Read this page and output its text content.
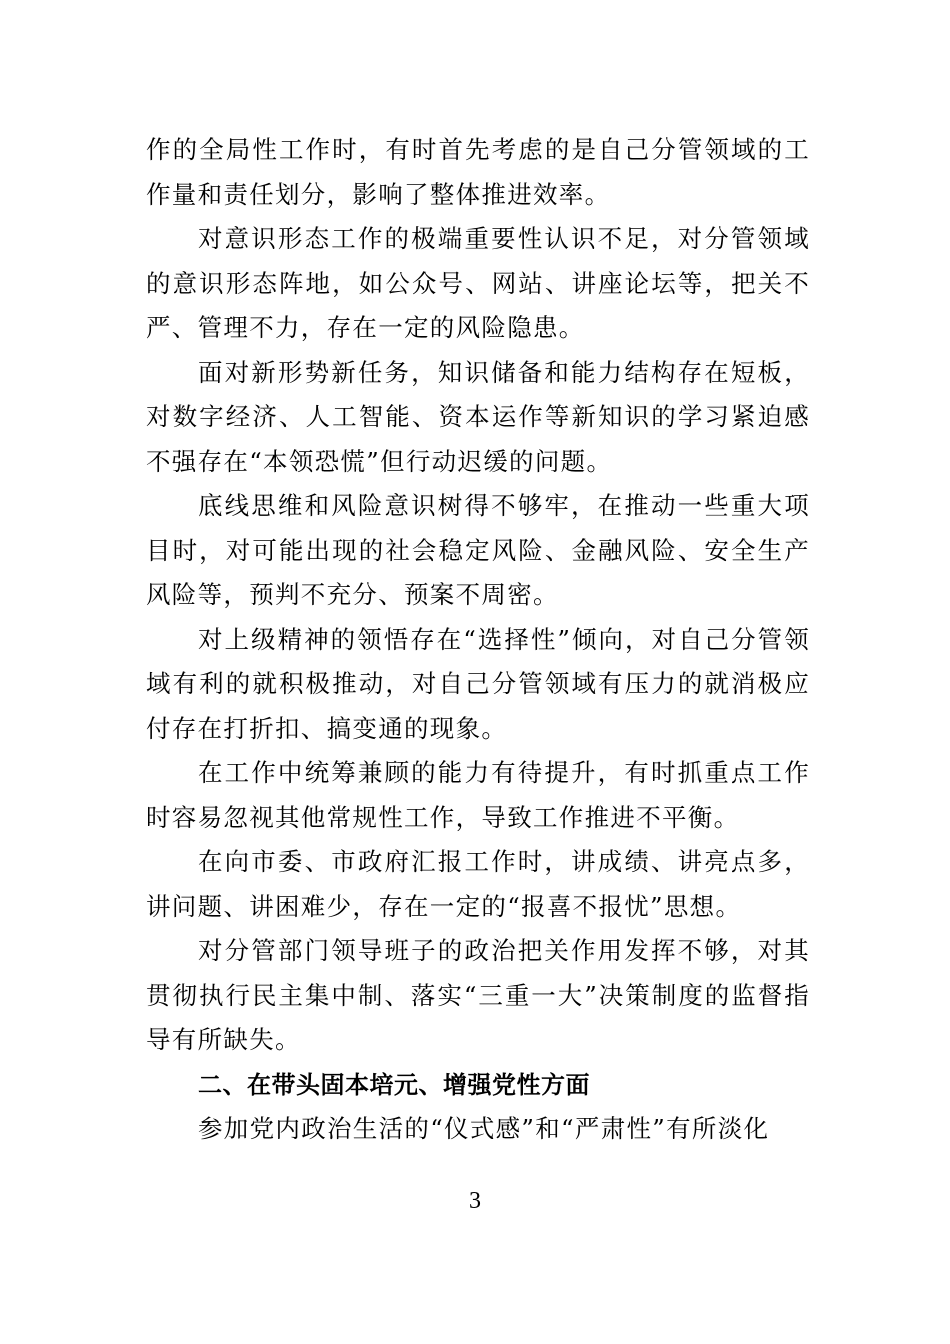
作的全局性工作时，有时首先考虑的是自己分管领域的工作量和责任划分，影响了整体推进效率。

对意识形态工作的极端重要性认识不足，对分管领域的意识形态阵地，如公众号、网站、讲座论坛等，把关不严、管理不力，存在一定的风险隐患。

面对新形势新任务，知识储备和能力结构存在短板，对数字经济、人工智能、资本运作等新知识的学习紧迫感不强存在“本领恐慌”但行动迟缓的问题。

底线思维和风险意识树得不够牢，在推动一些重大项目时，对可能出现的社会稳定风险、金融风险、安全生产风险等，预判不充分、预案不周密。

对上级精神的领悟存在“选择性”倾向，对自己分管领域有利的就积极推动，对自己分管领域有压力的就消极应付存在打折扣、搞变通的现象。

在工作中统筹兼顾的能力有待提升，有时抓重点工作时容易忽视其他常规性工作，导致工作推进不平衡。

在向市委、市政府汇报工作时，讲成绩、讲亮点多，讲问题、讲困难少，存在一定的“报喜不报忧”思想。

对分管部门领导班子的政治把关作用发挥不够，对其贯彻执行民主集中制、落实“三重一大”决策制度的监督指导有所缺失。

二、在带头固本培元、增强党性方面

参加党内政治生活的“仪式感”和“严肃性”有所淡化

3
